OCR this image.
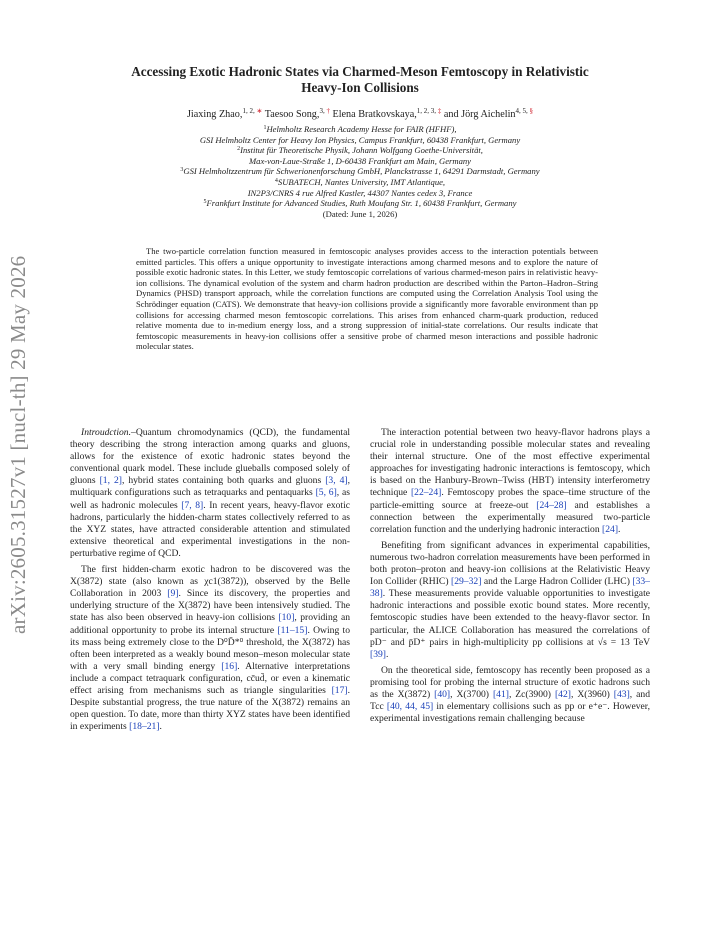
arXiv:2605.31527v1 [nucl-th] 29 May 2026
Accessing Exotic Hadronic States via Charmed-Meson Femtoscopy in Relativistic
Heavy-Ion Collisions
Jiaxing Zhao,$^{1, 2, ∗}$ Taesoo Song,$^{3, \dagger}$ Elena Bratkovskaya,$^{1, 2, 3, \ddagger}$ and Jörg Aichelin$^{4, 5, \S}$
$^1$Helmholtz Research Academy Hesse for FAIR (HFHF),
GSI Helmholtz Center for Heavy Ion Physics, Campus Frankfurt, 60438 Frankfurt, Germany
$^2$Institut für Theoretische Physik, Johann Wolfgang Goethe-Universität,
Max-von-Laue-Straße 1, D-60438 Frankfurt am Main, Germany
$^3$GSI Helmholtzzentrum für Schwerionenforschung GmbH, Planckstrasse 1, 64291 Darmstadt, Germany
$^4$SUBATECH, Nantes University, IMT Atlantique,
IN2P3/CNRS 4 rue Alfred Kastler, 44307 Nantes cedex 3, France
$^5$Frankfurt Institute for Advanced Studies, Ruth Moufang Str. 1, 60438 Frankfurt, Germany
(Dated: June 1, 2026)
The two-particle correlation function measured in femtoscopic analyses provides access to the interaction potentials between emitted particles. This offers a unique opportunity to investigate interactions among charmed mesons and to explore the nature of possible exotic hadronic states. In this Letter, we study femtoscopic correlations of various charmed-meson pairs in relativistic heavy-ion collisions. The dynamical evolution of the system and charm hadron production are described within the Parton–Hadron–String Dynamics (PHSD) transport approach, while the correlation functions are computed using the Correlation Analysis Tool using the Schrödinger equation (CATS). We demonstrate that heavy-ion collisions provide a significantly more favorable environment than pp collisions for accessing charmed meson femtoscopic correlations. This arises from enhanced charm-quark production, reduced relative momenta due to in-medium energy loss, and a strong suppression of initial-state correlations. Our results indicate that femtoscopic measurements in heavy-ion collisions offer a sensitive probe of charmed meson interactions and possible hadronic molecular states.

Introudction.–Quantum chromodynamics (QCD), the fundamental theory describing the strong interaction among quarks and gluons, allows for the existence of exotic hadronic states beyond the conventional quark model. These include glueballs composed solely of gluons [1, 2], hybrid states containing both quarks and gluons [3, 4], multiquark configurations such as tetraquarks and pentaquarks [5, 6], as well as hadronic molecules [7, 8]. In recent years, heavy-flavor exotic hadrons, particularly the hidden-charm states collectively referred to as the XYZ states, have attracted considerable attention and stimulated extensive theoretical and experimental investigations in the non-perturbative regime of QCD.

The first hidden-charm exotic hadron to be discovered was the X(3872) state (also known as χc1(3872)), observed by the Belle Collaboration in 2003 [9]. Since its discovery, the properties and underlying structure of the X(3872) have been intensively studied. The state has also been observed in heavy-ion collisions [10], providing an additional opportunity to probe its internal structure [11–15]. Owing to its mass being extremely close to the D⁰D̄*⁰ threshold, the X(3872) has often been interpreted as a weakly bound meson–meson molecular state with a very small binding energy [16]. Alternative interpretations include a compact tetraquark configuration, cc̄ud̄, or even a kinematic effect arising from mechanisms such as triangle singularities [17]. Despite substantial progress, the true nature of the X(3872) remains an open question. To date, more than thirty XYZ states have been identified in experiments [18–21].

The interaction potential between two heavy-flavor hadrons plays a crucial role in understanding possible molecular states and revealing their internal structure. One of the most effective experimental approaches for investigating hadronic interactions is femtoscopy, which is based on the Hanbury-Brown–Twiss (HBT) intensity interferometry technique [22–24]. Femtoscopy probes the space–time structure of the particle-emitting source at freeze-out [24–28] and establishes a connection between the experimentally measured two-particle correlation function and the underlying hadronic interaction [24].

Benefiting from significant advances in experimental capabilities, numerous two-hadron correlation measurements have been performed in both proton–proton and heavy-ion collisions at the Relativistic Heavy Ion Collider (RHIC) [29–32] and the Large Hadron Collider (LHC) [33–38]. These measurements provide valuable opportunities to investigate hadronic interactions and possible exotic bound states. More recently, femtoscopic studies have been extended to the heavy-flavor sector. In particular, the ALICE Collaboration has measured the correlations of pD⁻ and p̄D⁺ pairs in high-multiplicity pp collisions at √s = 13 TeV [39].

On the theoretical side, femtoscopy has recently been proposed as a promising tool for probing the internal structure of exotic hadrons such as the X(3872) [40], X(3700) [41], Zc(3900) [42], X(3960) [43], and Tcc [40, 44, 45] in elementary collisions such as pp or e⁺e⁻. However, experimental investigations remain challenging because
